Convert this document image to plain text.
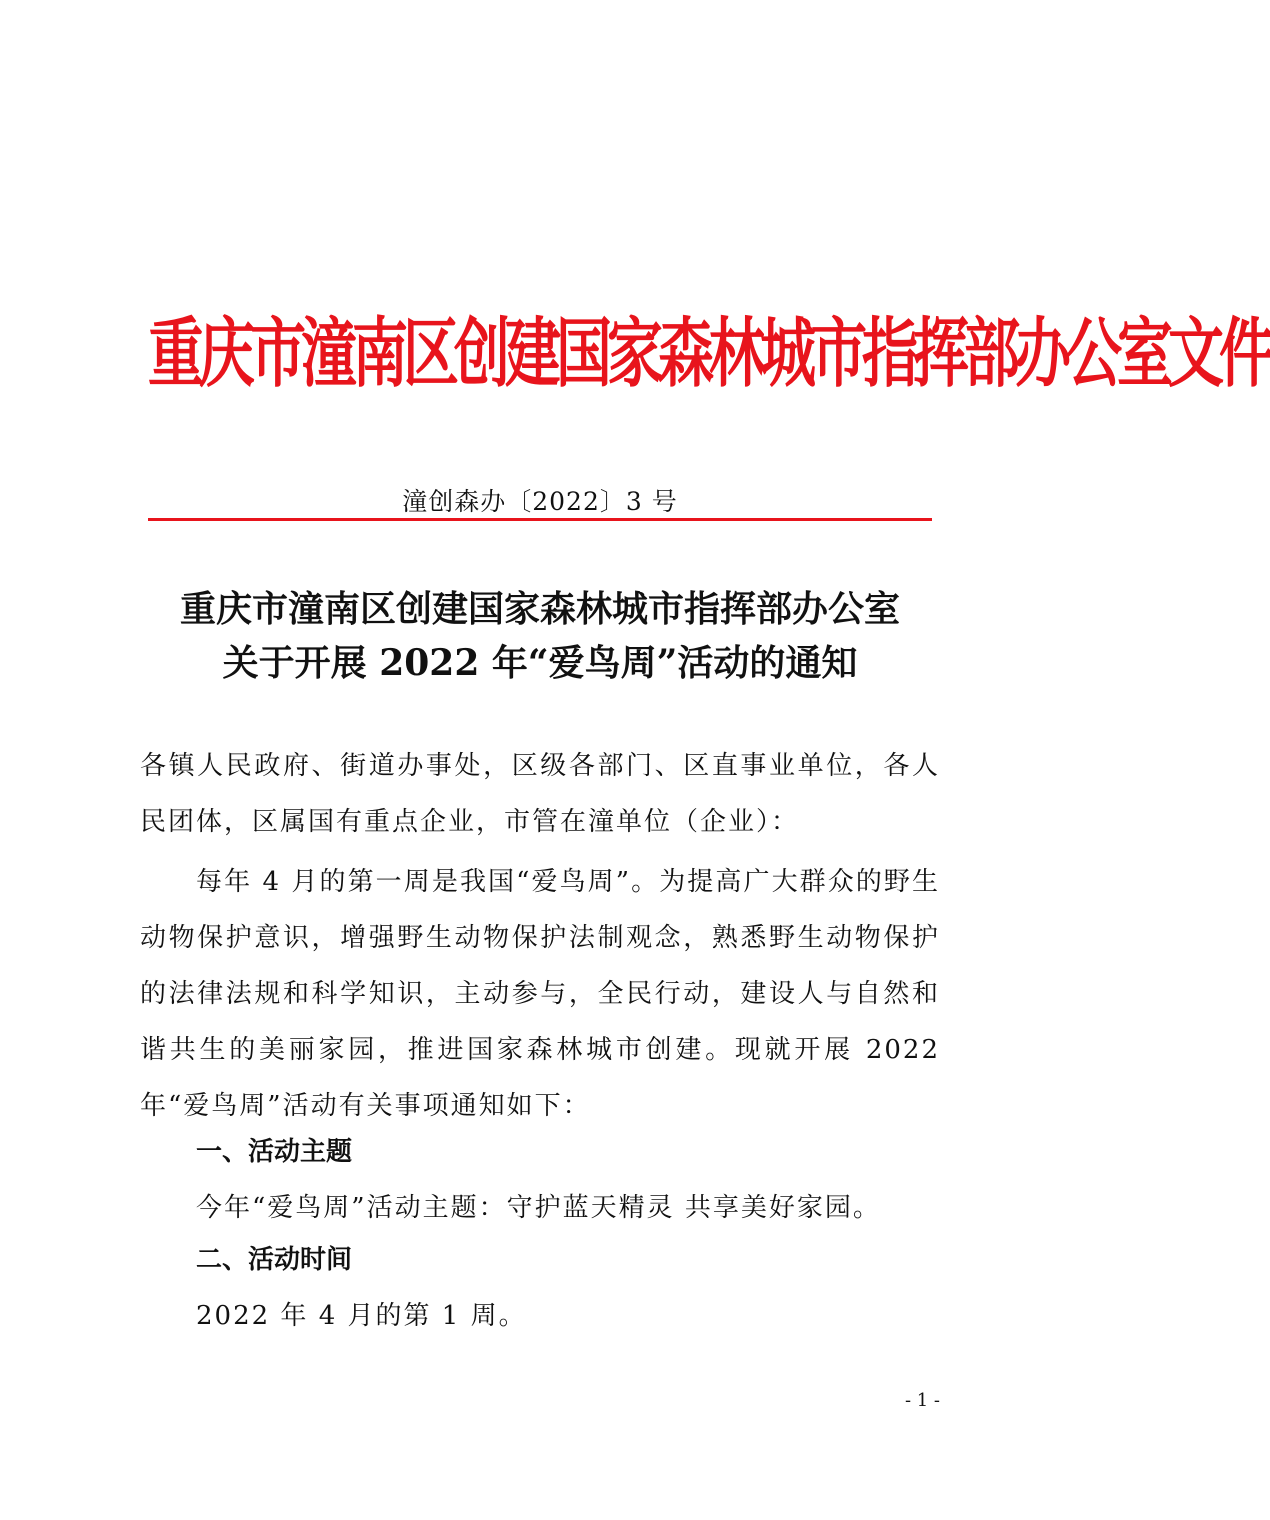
重庆市潼南区创建国家森林城市指挥部办公室文件
潼创森办〔2022〕3 号
重庆市潼南区创建国家森林城市指挥部办公室
关于开展 2022 年“爱鸟周”活动的通知

各镇人民政府、街道办事处，区级各部门、区直事业单位，各人民团体，区属国有重点企业，市管在潼单位（企业）：

每年 4 月的第一周是我国“爱鸟周”。为提高广大群众的野生动物保护意识，增强野生动物保护法制观念，熟悉野生动物保护的法律法规和科学知识，主动参与，全民行动，建设人与自然和谐共生的美丽家园，推进国家森林城市创建。现就开展 2022 年“爱鸟周”活动有关事项通知如下：

一、活动主题
今年“爱鸟周”活动主题：守护蓝天精灵 共享美好家园。
二、活动时间
2022 年 4 月的第 1 周。
- 1 -
